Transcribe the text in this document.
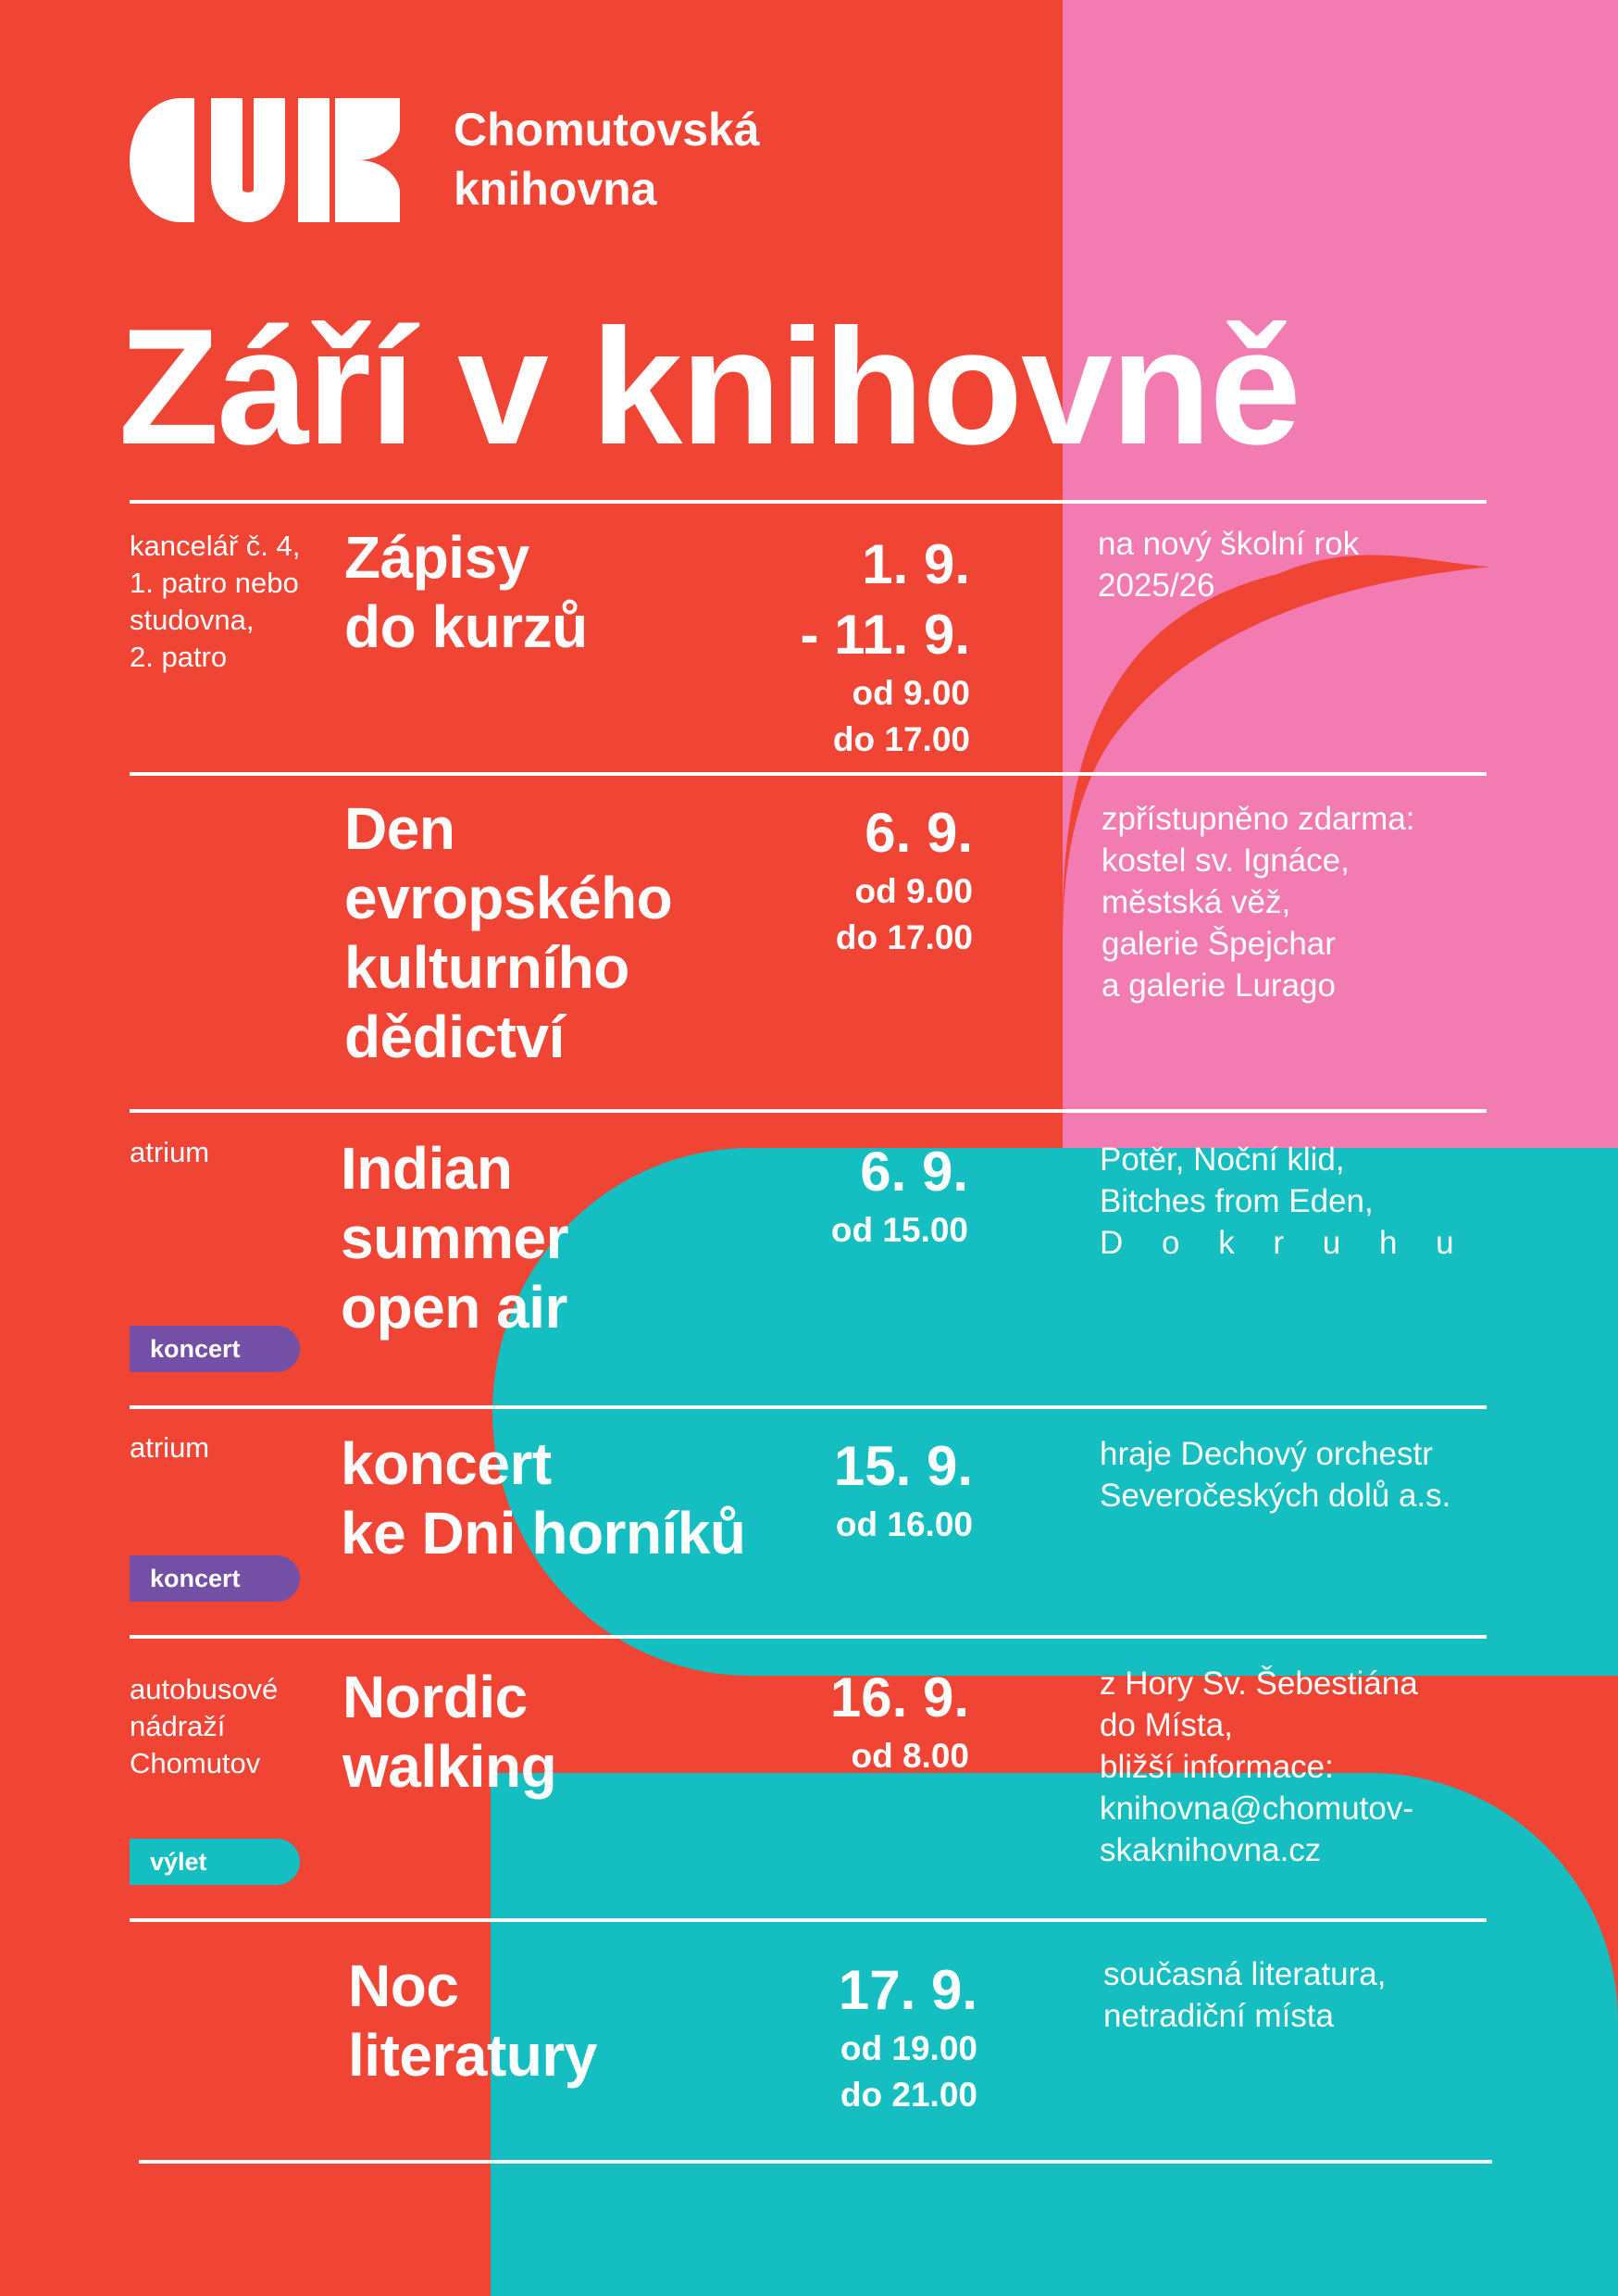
Chomutovská
knihovna
Září v knihovně
kancelář č. 4,
1. patro nebo
studovna,
2. patro
Zápisy
do kurzů
1. 9.
- 11. 9.
od 9.00
do 17.00
na nový školní rok
2025/26
Den
evropského
kulturního
dědictví
6. 9.
od 9.00
do 17.00
zpřístupněno zdarma:
kostel sv. Ignáce,
městská věž,
galerie Špejchar
a galerie Lurago
atrium Indian
summer
open air
6. 9.
od 15.00
Potěr, Noční klid,
Bitches from Eden,
D o k r u h u
koncert
atrium koncert
ke Dni horníků
15. 9.
od 16.00
hraje Dechový orchestr
Severočeských dolů a.s.
koncert
autobusové
nádraží
Chomutov
Nordic
walking
16. 9.
od 8.00
z Hory Sv. Šebestiána
do Místa,
bližší informace:
knihovna@chomutov-
skaknihovna.cz
výlet
Noc
literatury
17. 9.
od 19.00
do 21.00
současná literatura,
netradiční místa
